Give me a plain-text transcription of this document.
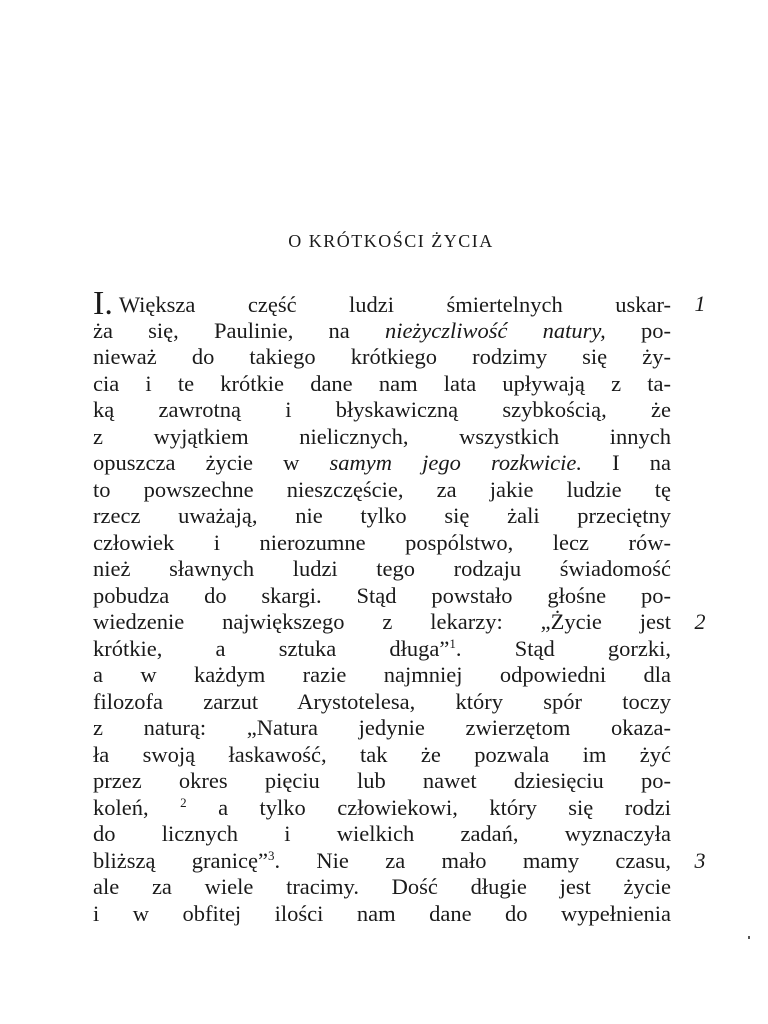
O KRÓTKOŚCI ŻYCIA
I. Większa część ludzi śmiertelnych uskar-
ża się, Paulinie, na nieżyczliwość natury, po-
nieważ do takiego krótkiego rodzimy się ży-
cia i te krótkie dane nam lata upływają z ta-
ką zawrotną i błyskawiczną szybkością, że
z wyjątkiem nielicznych, wszystkich innych
opuszcza życie w samym jego rozkwicie. I na
to powszechne nieszczęście, za jakie ludzie tę
rzecz uważają, nie tylko się żali przeciętny
człowiek i nierozumne pospólstwo, lecz rów-
nież sławnych ludzi tego rodzaju świadomość
pobudza do skargi. Stąd powstało głośne po-
wiedzenie największego z lekarzy: „Życie jest
krótkie, a sztuka długa”$^1$. Stąd gorzki,
a w każdym razie najmniej odpowiedni dla
filozofa zarzut Arystotelesa, który spór toczy
z naturą: „Natura jedynie zwierzętom okaza-
ła swoją łaskawość, tak że pozwala im żyć
przez okres pięciu lub nawet dziesięciu po-
koleń, $^2$ a tylko człowiekowi, który się rodzi
do licznych i wielkich zadań, wyznaczyła
bliższą granicę”$^3$. Nie za mało mamy czasu,
ale za wiele tracimy. Dość długie jest życie
i w obfitej ilości nam dane do wypełnienia
1
2
3
